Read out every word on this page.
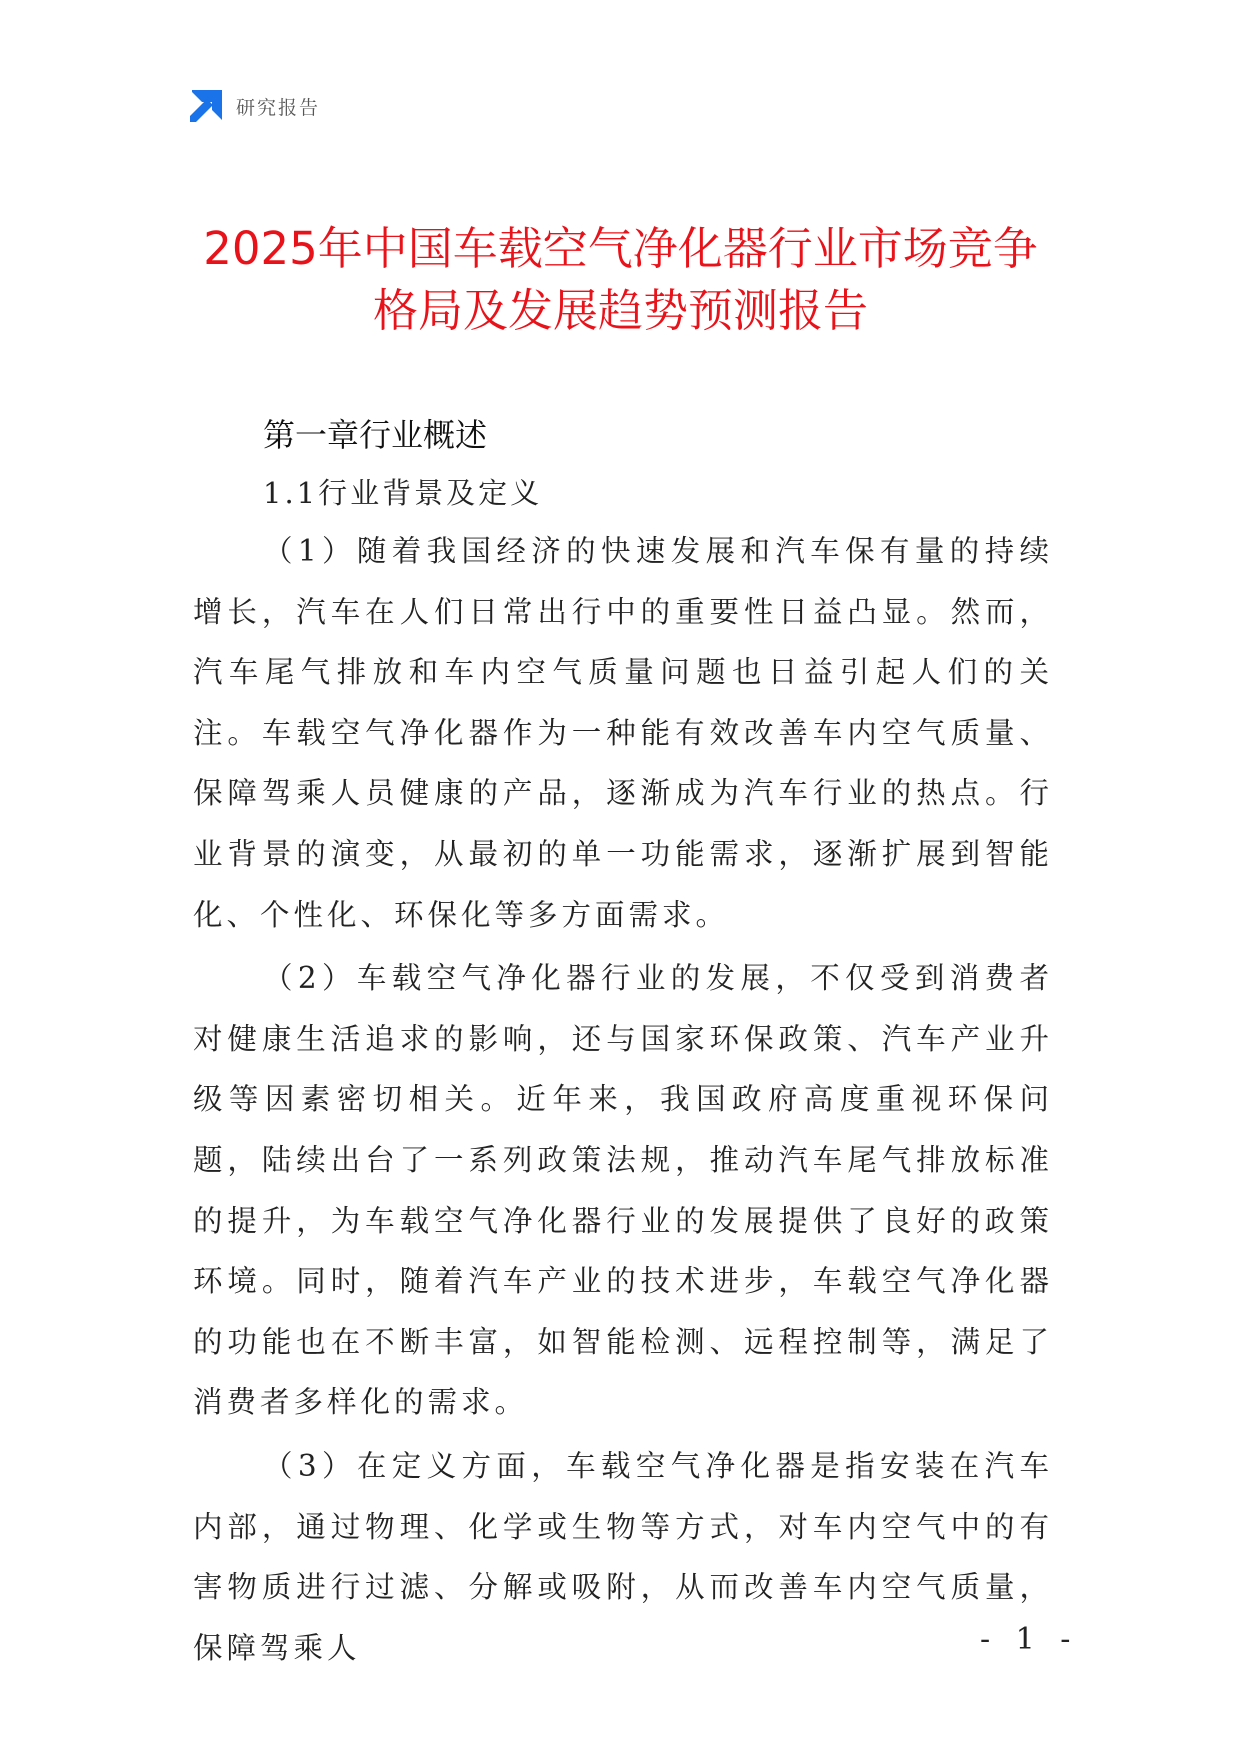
研究报告
2025年中国车载空气净化器行业市场竞争
格局及发展趋势预测报告
第一章行业概述
1.1行业背景及定义

（1）随着我国经济的快速发展和汽车保有量的持续增长，汽车在人们日常出行中的重要性日益凸显。然而，汽车尾气排放和车内空气质量问题也日益引起人们的关注。车载空气净化器作为一种能有效改善车内空气质量、保障驾乘人员健康的产品，逐渐成为汽车行业的热点。行业背景的演变，从最初的单一功能需求，逐渐扩展到智能化、个性化、环保化等多方面需求。

（2）车载空气净化器行业的发展，不仅受到消费者对健康生活追求的影响，还与国家环保政策、汽车产业升级等因素密切相关。近年来，我国政府高度重视环保问题，陆续出台了一系列政策法规，推动汽车尾气排放标准的提升，为车载空气净化器行业的发展提供了良好的政策环境。同时，随着汽车产业的技术进步，车载空气净化器的功能也在不断丰富，如智能检测、远程控制等，满足了消费者多样化的需求。

（3）在定义方面，车载空气净化器是指安装在汽车内部，通过物理、化学或生物等方式，对车内空气中的有害物质进行过滤、分解或吸附，从而改善车内空气质量，保障驾乘人	- 1 -
